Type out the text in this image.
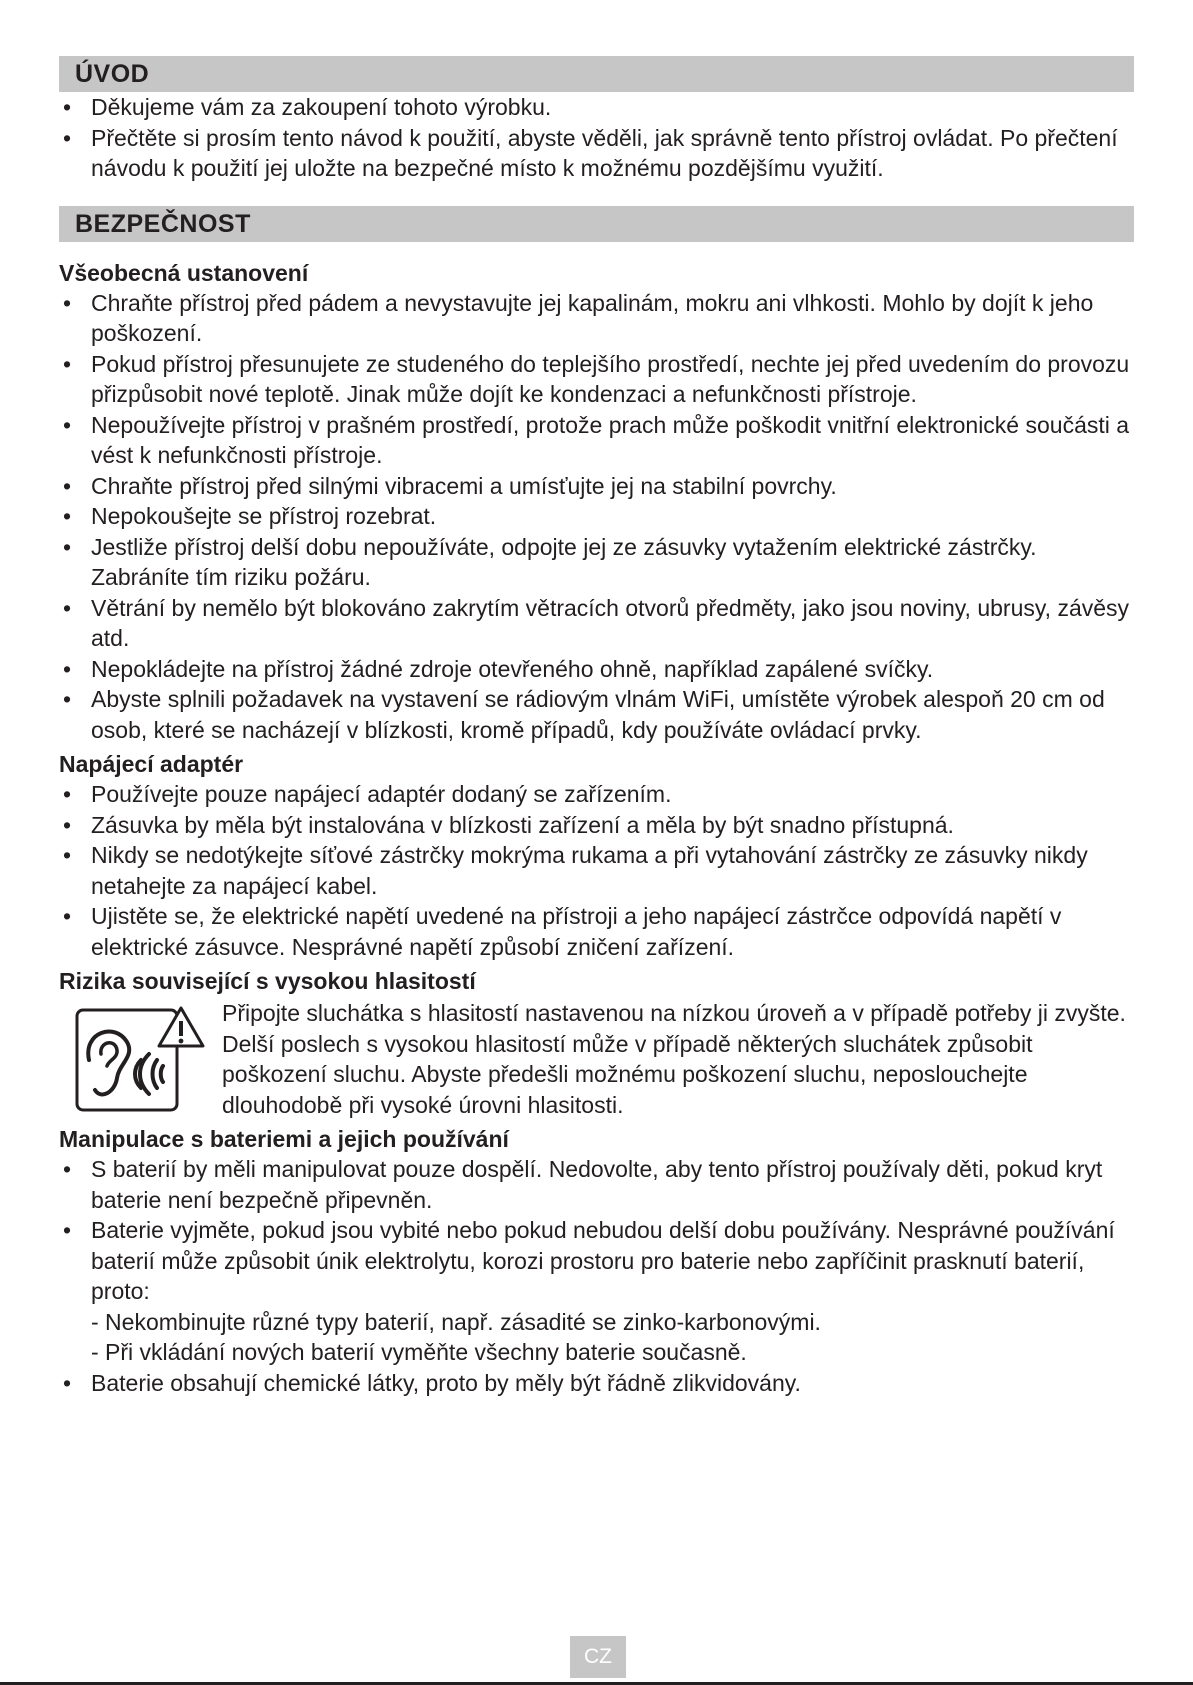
ÚVOD
• Děkujeme vám za zakoupení tohoto výrobku.
• Přečtěte si prosím tento návod k použití, abyste věděli, jak správně tento přístroj ovládat. Po přečtení návodu k použití jej uložte na bezpečné místo k možnému pozdějšímu využití.
BEZPEČNOST
Všeobecná ustanovení
• Chraňte přístroj před pádem a nevystavujte jej kapalinám, mokru ani vlhkosti. Mohlo by dojít k jeho poškození.
• Pokud přístroj přesunujete ze studeného do teplejšího prostředí, nechte jej před uvedením do provozu přizpůsobit nové teplotě. Jinak může dojít ke kondenzaci a nefunkčnosti přístroje.
• Nepoužívejte přístroj v prašném prostředí, protože prach může poškodit vnitřní elektronické součásti a vést k nefunkčnosti přístroje.
• Chraňte přístroj před silnými vibracemi a umísťujte jej na stabilní povrchy.
• Nepokoušejte se přístroj rozebrat.
• Jestliže přístroj delší dobu nepoužíváte, odpojte jej ze zásuvky vytažením elektrické zástrčky. Zabráníte tím riziku požáru.
• Větrání by nemělo být blokováno zakrytím větracích otvorů předměty, jako jsou noviny, ubrusy, závěsy atd.
• Nepokládejte na přístroj žádné zdroje otevřeného ohně, například zapálené svíčky.
• Abyste splnili požadavek na vystavení se rádiovým vlnám WiFi, umístěte výrobek alespoň 20 cm od osob, které se nacházejí v blízkosti, kromě případů, kdy používáte ovládací prvky.
Napájecí adaptér
• Používejte pouze napájecí adaptér dodaný se zařízením.
• Zásuvka by měla být instalována v blízkosti zařízení a měla by být snadno přístupná.
• Nikdy se nedotýkejte síťové zástrčky mokrýma rukama a při vytahování zástrčky ze zásuvky nikdy netahejte za napájecí kabel.
• Ujistěte se, že elektrické napětí uvedené na přístroji a jeho napájecí zástrčce odpovídá napětí v elektrické zásuvce. Nesprávné napětí způsobí zničení zařízení.
Rizika související s vysokou hlasitostí
Připojte sluchátka s hlasitostí nastavenou na nízkou úroveň a v případě potřeby ji zvyšte. Delší poslech s vysokou hlasitostí může v případě některých sluchátek způsobit poškození sluchu. Abyste předešli možnému poškození sluchu, neposlouchejte dlouhodobě při vysoké úrovni hlasitosti.
Manipulace s bateriemi a jejich používání
• S baterií by měli manipulovat pouze dospělí. Nedovolte, aby tento přístroj používaly děti, pokud kryt baterie není bezpečně připevněn.
• Baterie vyjměte, pokud jsou vybité nebo pokud nebudou delší dobu používány. Nesprávné používání baterií může způsobit únik elektrolytu, korozi prostoru pro baterie nebo zapříčinit prasknutí baterií, proto:
- Nekombinujte různé typy baterií, např. zásadité se zinko-karbonovými.
- Při vkládání nových baterií vyměňte všechny baterie současně.
• Baterie obsahují chemické látky, proto by měly být řádně zlikvidovány.
CZ
